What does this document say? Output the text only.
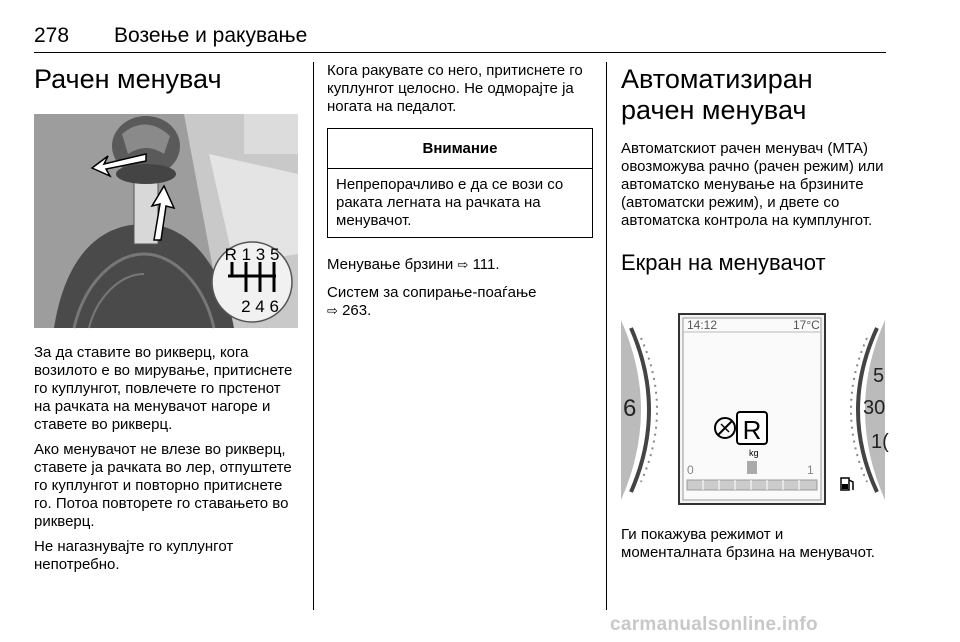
278 Возење и ракување
Рачен менувач
R 1 3 5
2 4 6

За да ставите во рикверц, кога возилото е во мирување, притиснете го куплунгот, повлечете го прстенот на рачката на менувачот нагоре и ставете во рикверц.

Ако менувачот не влезе во рикверц, ставете ја рачката во лер, отпуштете го куплунгот и повторно притиснете го. Потоа повторете го ставањето во рикверц.

Не нагазнувајте го куплунгот непотребно.

Кога ракувате со него, притиснете го куплунгот целосно. Не одморајте ја ногата на педалот.

Внимание
Непрепорачливо е да се вози со раката легната на рачката на менувачот.

Менување брзини ⇨ 111.

Систем за сопирање-поаѓање
⇨ 263.

Автоматизиран рачен менувач

Автоматскиот рачен менувач (MTA) овозможува рачно (рачен режим) или автоматско менување на брзините (автоматски режим), и двете со автоматска контрола на кумплунгот.

Екран на менувачот
6
5
30
1(
14:12	17°C
R
kg
0	1

Ги покажува режимот и моменталната брзина на менувачот.

carmanualsonline.info
